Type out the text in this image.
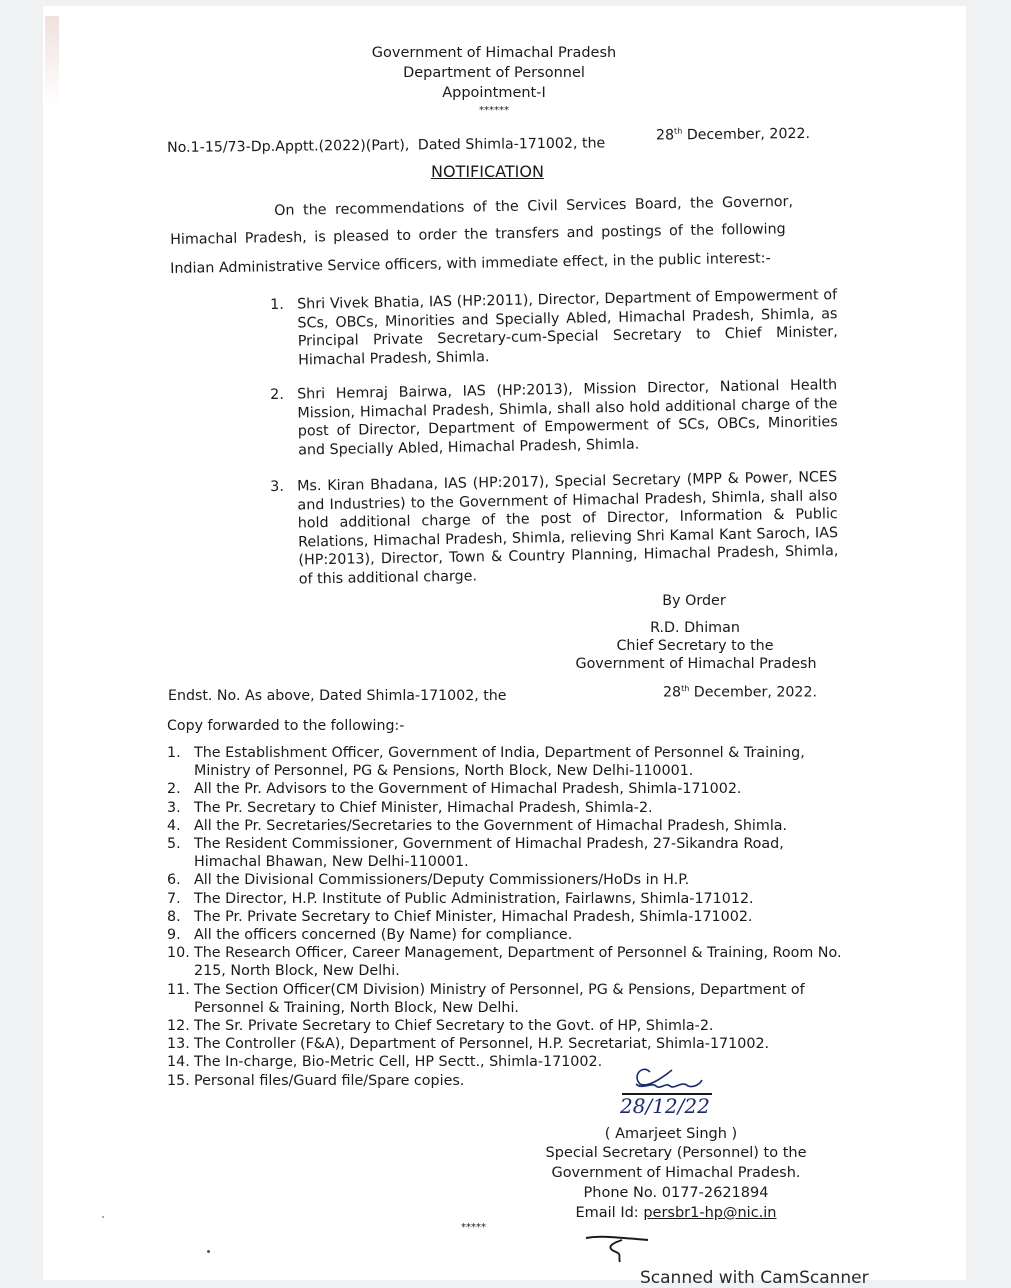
Government of Himachal Pradesh
Department of Personnel
Appointment-I
******
No.1-15/73-Dp.Apptt.(2022)(Part), Dated Shimla-171002, the	28th December, 2022.
NOTIFICATION
On the recommendations of the Civil Services Board, the Governor,
Himachal Pradesh, is pleased to order the transfers and postings of the following
Indian Administrative Service officers, with immediate effect, in the public interest:-
1. Shri Vivek Bhatia, IAS (HP:2011), Director, Department of Empowerment of SCs, OBCs, Minorities and Specially Abled, Himachal Pradesh, Shimla, as Principal Private Secretary-cum-Special Secretary to Chief Minister, Himachal Pradesh, Shimla.
2. Shri Hemraj Bairwa, IAS (HP:2013), Mission Director, National Health Mission, Himachal Pradesh, Shimla, shall also hold additional charge of the post of Director, Department of Empowerment of SCs, OBCs, Minorities and Specially Abled, Himachal Pradesh, Shimla.
3. Ms. Kiran Bhadana, IAS (HP:2017), Special Secretary (MPP & Power, NCES and Industries) to the Government of Himachal Pradesh, Shimla, shall also hold additional charge of the post of Director, Information & Public Relations, Himachal Pradesh, Shimla, relieving Shri Kamal Kant Saroch, IAS (HP:2013), Director, Town & Country Planning, Himachal Pradesh, Shimla, of this additional charge.
By Order
R.D. Dhiman
Chief Secretary to the
Government of Himachal Pradesh
Endst. No. As above, Dated Shimla-171002, the	28th December, 2022.
Copy forwarded to the following:-
1. The Establishment Officer, Government of India, Department of Personnel & Training, Ministry of Personnel, PG & Pensions, North Block, New Delhi-110001.
2. All the Pr. Advisors to the Government of Himachal Pradesh, Shimla-171002.
3. The Pr. Secretary to Chief Minister, Himachal Pradesh, Shimla-2.
4. All the Pr. Secretaries/Secretaries to the Government of Himachal Pradesh, Shimla.
5. The Resident Commissioner, Government of Himachal Pradesh, 27-Sikandra Road, Himachal Bhawan, New Delhi-110001.
6. All the Divisional Commissioners/Deputy Commissioners/HoDs in H.P.
7. The Director, H.P. Institute of Public Administration, Fairlawns, Shimla-171012.
8. The Pr. Private Secretary to Chief Minister, Himachal Pradesh, Shimla-171002.
9. All the officers concerned (By Name) for compliance.
10. The Research Officer, Career Management, Department of Personnel & Training, Room No. 215, North Block, New Delhi.
11. The Section Officer(CM Division) Ministry of Personnel, PG & Pensions, Department of Personnel & Training, North Block, New Delhi.
12. The Sr. Private Secretary to Chief Secretary to the Govt. of HP, Shimla-2.
13. The Controller (F&A), Department of Personnel, H.P. Secretariat, Shimla-171002.
14. The In-charge, Bio-Metric Cell, HP Sectt., Shimla-171002.
15. Personal files/Guard file/Spare copies.
28/12/22
( Amarjeet Singh )
Special Secretary (Personnel) to the
Government of Himachal Pradesh.
Phone No. 0177-2621894
Email Id: persbr1-hp@nic.in
*****
Scanned with CamScanner
